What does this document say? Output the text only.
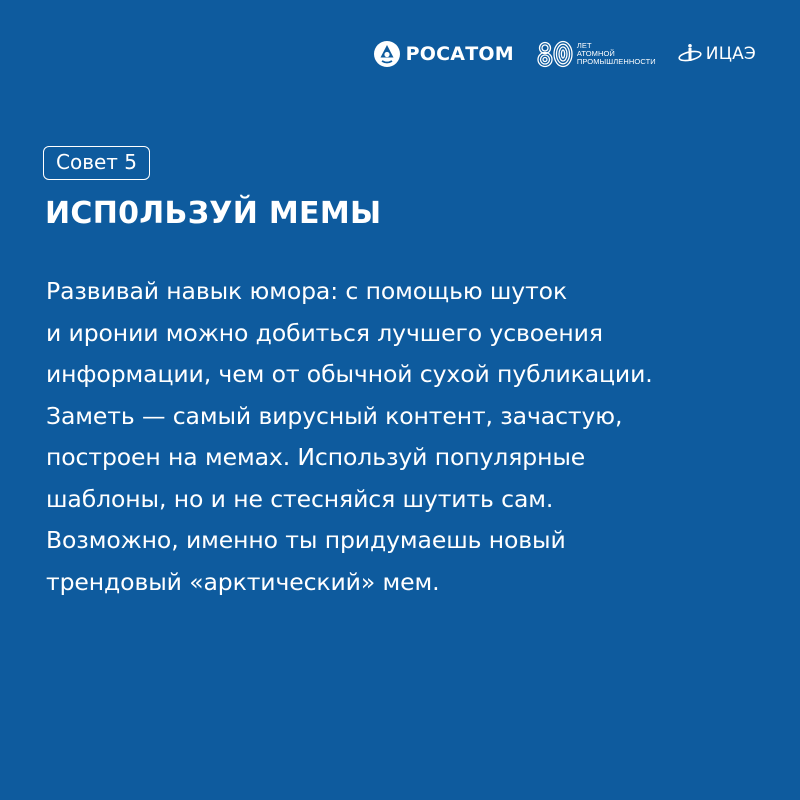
РОСАТОМ	ЛЕТ
АТОМНОЙ
ПРОМЫШЛЕННОСТИ	ИЦАЭ
Совет 5
ИСП0ЛЬЗУЙ МЕМЫ
Развивай навык юмора: с помощью шуток
и иронии можно добиться лучшего усвоения
информации, чем от обычной сухой публикации.
Заметь — самый вирусный контент, зачастую,
построен на мемах. Используй популярные
шаблоны, но и не стесняйся шутить сам.
Возможно, именно ты придумаешь новый
трендовый «арктический» мем.
